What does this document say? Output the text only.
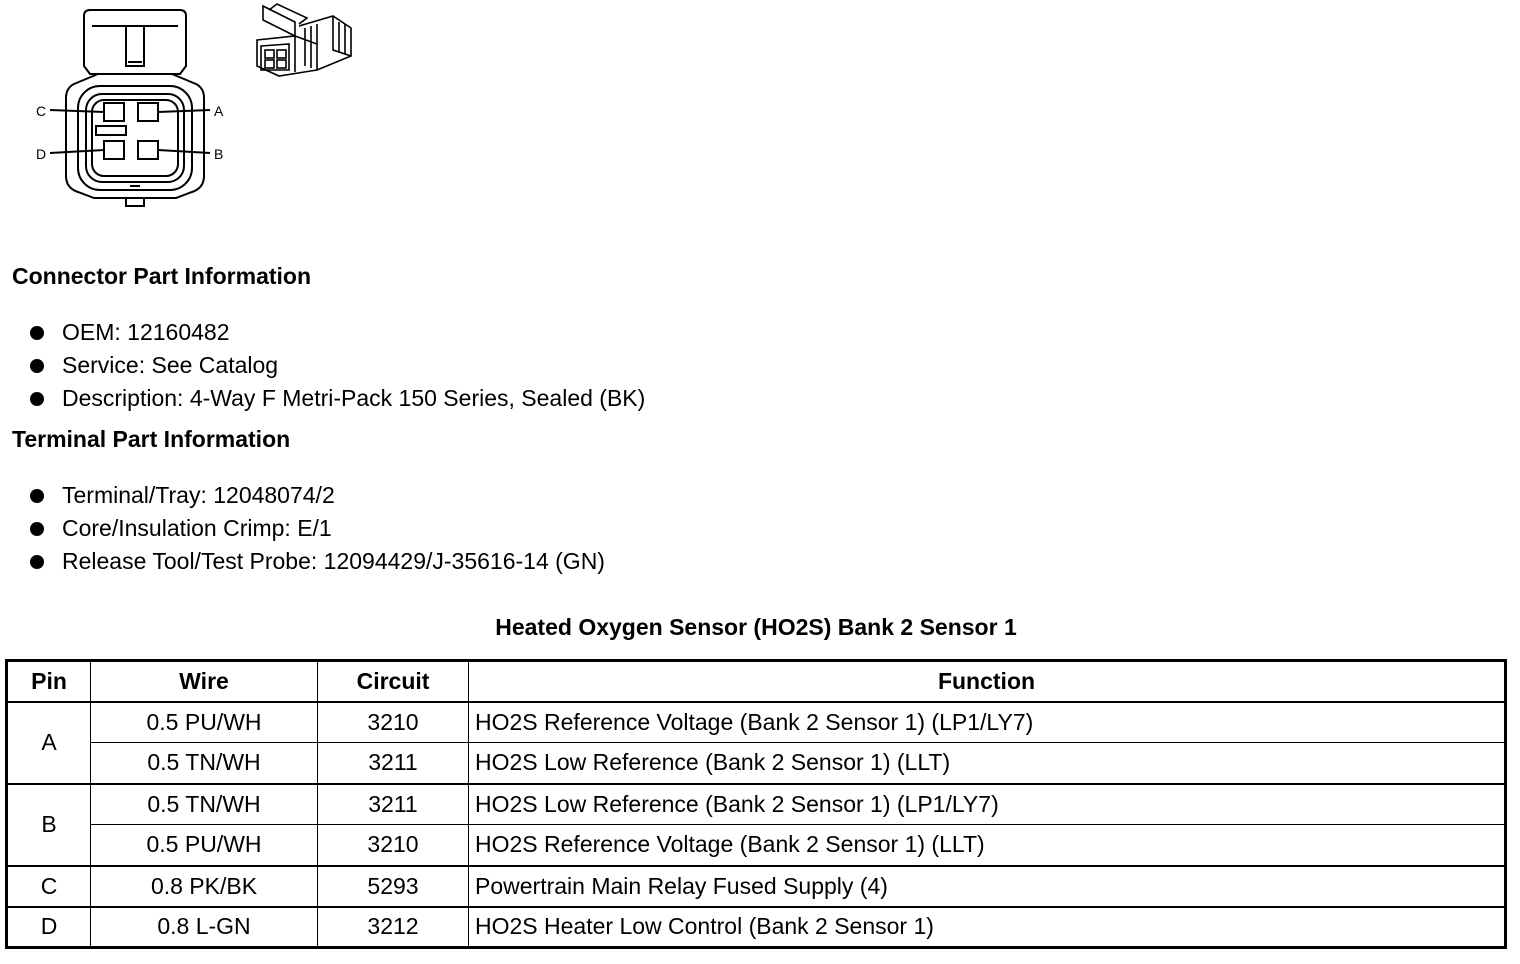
C	A
D	B
Connector Part Information
OEM: 12160482
Service: See Catalog
Description: 4-Way F Metri-Pack 150 Series, Sealed (BK)
Terminal Part Information
Terminal/Tray: 12048074/2
Core/Insulation Crimp: E/1
Release Tool/Test Probe: 12094429/J-35616-14 (GN)
Heated Oxygen Sensor (HO2S) Bank 2 Sensor 1
Pin	Wire	Circuit	Function
A	0.5 PU/WH	3210	HO2S Reference Voltage (Bank 2 Sensor 1) (LP1/LY7)
	0.5 TN/WH	3211	HO2S Low Reference (Bank 2 Sensor 1) (LLT)
B	0.5 TN/WH	3211	HO2S Low Reference (Bank 2 Sensor 1) (LP1/LY7)
	0.5 PU/WH	3210	HO2S Reference Voltage (Bank 2 Sensor 1) (LLT)
C	0.8 PK/BK	5293	Powertrain Main Relay Fused Supply (4)
D	0.8 L-GN	3212	HO2S Heater Low Control (Bank 2 Sensor 1)
